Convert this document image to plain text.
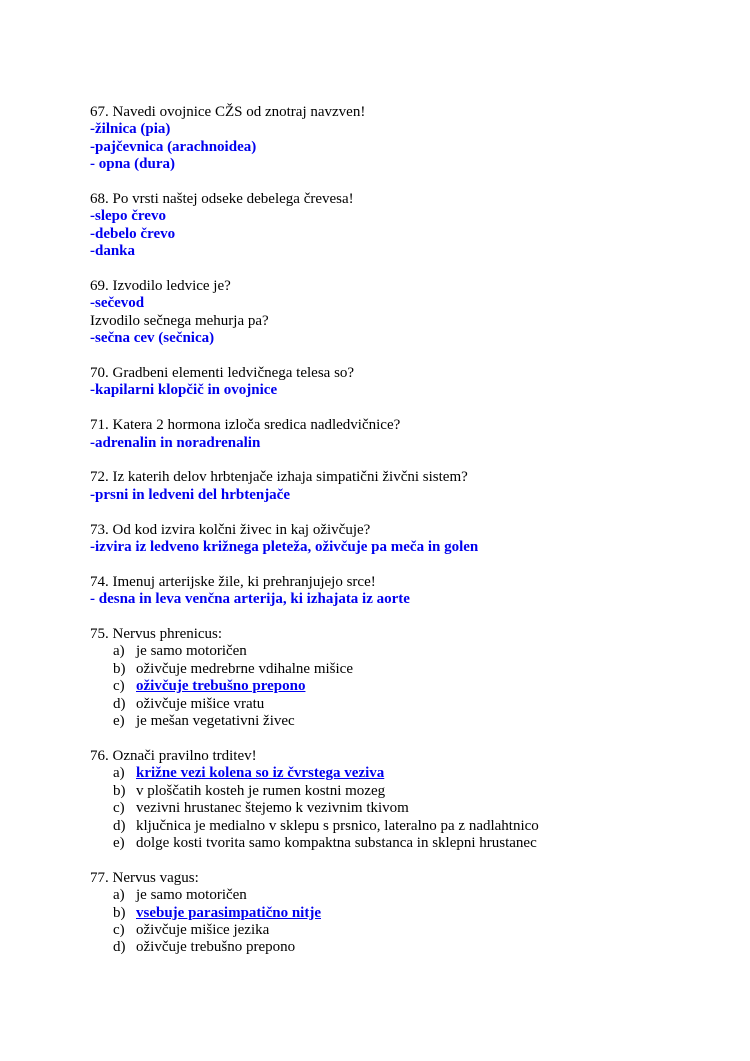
67. Navedi ovojnice CŽS od znotraj navzven!
-žilnica (pia)
-pajčevnica (arachnoidea)
- opna (dura)
68. Po vrsti naštej odseke debelega črevesa!
-slepo črevo
-debelo črevo
-danka
69. Izvodilo ledvice je?
-sečevod
Izvodilo sečnega mehurja pa?
-sečna cev (sečnica)
70. Gradbeni elementi ledvičnega telesa so?
-kapilarni klopčič in ovojnice
71. Katera 2 hormona izloča sredica nadledvičnice?
-adrenalin in noradrenalin
72. Iz katerih delov hrbtenjače izhaja simpatični živčni sistem?
-prsni in ledveni del hrbtenjače
73. Od kod izvira kolčni živec in kaj oživčuje?
-izvira iz ledveno križnega pleteža, oživčuje pa meča in golen
74. Imenuj arterijske žile, ki prehranjujejo srce!
- desna in leva venčna arterija, ki izhajata iz aorte
75. Nervus phrenicus:
a) je samo motoričen
b) oživčuje medrebrne vdihalne mišice
c) oživčuje trebušno prepono
d) oživčuje mišice vratu
e) je mešan vegetativni živec
76. Označi pravilno trditev!
a) križne vezi kolena so iz čvrstega veziva
b) v ploščatih kosteh je rumen kostni mozeg
c) vezivni hrustanec štejemo k vezivnim tkivom
d) ključnica je medialno v sklepu s prsnico, lateralno pa z nadlahtnico
e) dolge kosti tvorita samo kompaktna substanca in sklepni hrustanec
77. Nervus vagus:
a) je samo motoričen
b) vsebuje parasimpatično nitje
c) oživčuje mišice jezika
d) oživčuje trebušno prepono
